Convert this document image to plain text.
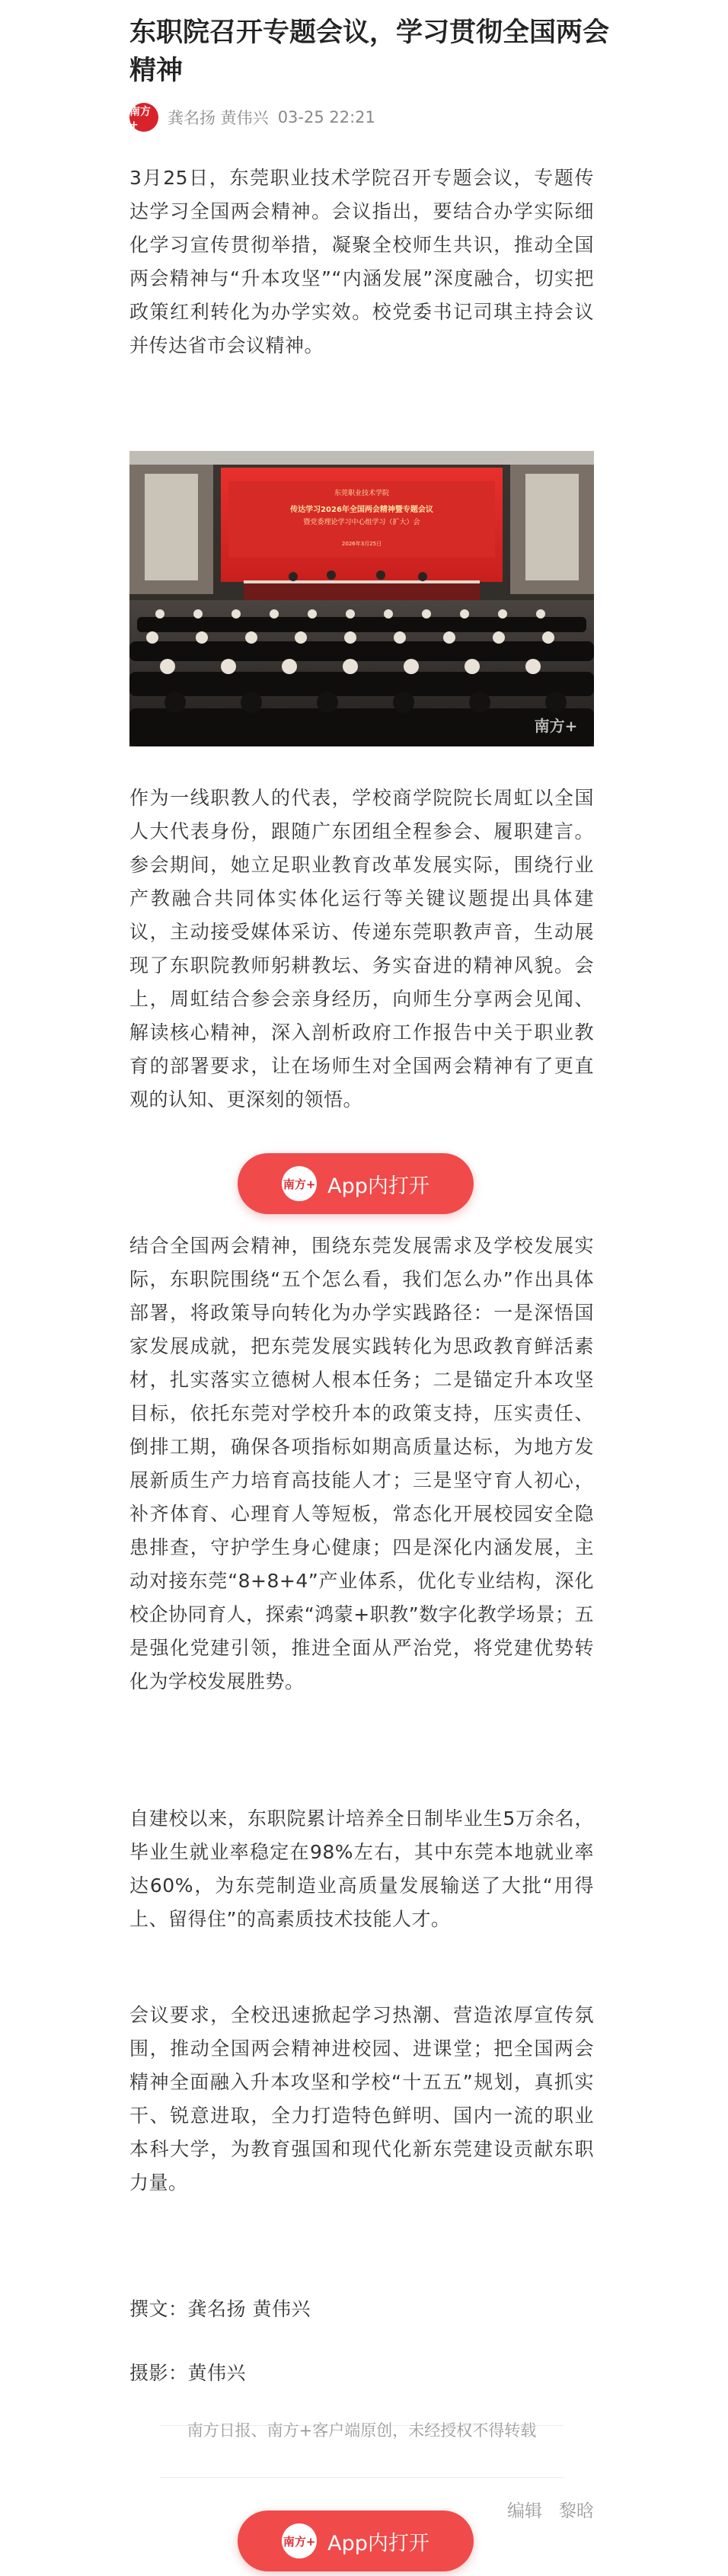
东职院召开专题会议，学习贯彻全国两会精神
南方+	龚名扬 黄伟兴 03-25 22:21

3月25日，东莞职业技术学院召开专题会议，专题传达学习全国两会精神。会议指出，要结合办学实际细化学习宣传贯彻举措，凝聚全校师生共识，推动全国两会精神与“升本攻坚”“内涵发展”深度融合，切实把政策红利转化为办学实效。校党委书记司琪主持会议并传达省市会议精神。

东莞职业技术学院
传达学习2026年全国两会精神暨专题会议
暨党委理论学习中心组学习（扩大）会
2026年3月25日
南方+

作为一线职教人的代表，学校商学院院长周虹以全国人大代表身份，跟随广东团组全程参会、履职建言。参会期间，她立足职业教育改革发展实际，围绕行业产教融合共同体实体化运行等关键议题提出具体建议，主动接受媒体采访、传递东莞职教声音，生动展现了东职院教师躬耕教坛、务实奋进的精神风貌。会上，周虹结合参会亲身经历，向师生分享两会见闻、解读核心精神，深入剖析政府工作报告中关于职业教育的部署要求，让在场师生对全国两会精神有了更直观的认知、更深刻的领悟。

结合全国两会精神，围绕东莞发展需求及学校发展实际，东职院围绕“五个怎么看，我们怎么办”作出具体部署，将政策导向转化为办学实践路径：一是深悟国家发展成就，把东莞发展实践转化为思政教育鲜活素材，扎实落实立德树人根本任务；二是锚定升本攻坚目标，依托东莞对学校升本的政策支持，压实责任、倒排工期，确保各项指标如期高质量达标，为地方发展新质生产力培育高技能人才；三是坚守育人初心，补齐体育、心理育人等短板，常态化开展校园安全隐患排查，守护学生身心健康；四是深化内涵发展，主动对接东莞“8+8+4”产业体系，优化专业结构，深化校企协同育人，探索“鸿蒙+职教”数字化教学场景；五是强化党建引领，推进全面从严治党，将党建优势转化为学校发展胜势。

自建校以来，东职院累计培养全日制毕业生5万余名，毕业生就业率稳定在98%左右，其中东莞本地就业率达60%，为东莞制造业高质量发展输送了大批“用得上、留得住”的高素质技术技能人才。

会议要求，全校迅速掀起学习热潮、营造浓厚宣传氛围，推动全国两会精神进校园、进课堂；把全国两会精神全面融入升本攻坚和学校“十五五”规划，真抓实干、锐意进取，全力打造特色鲜明、国内一流的职业本科大学，为教育强国和现代化新东莞建设贡献东职力量。

撰文：龚名扬 黄伟兴

摄影：黄伟兴

南方日报、南方+客户端原创，未经授权不得转载

编辑 黎晗
南方+ App内打开
南方+ App内打开
